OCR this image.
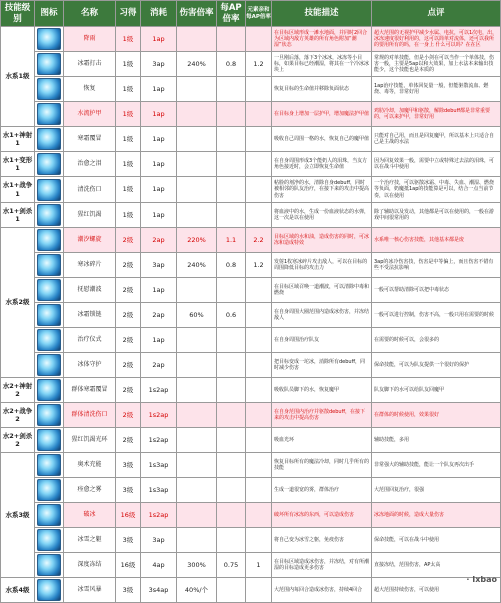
技能级别	图标	名称	习得	消耗	伤害倍率	每AP倍率	元素亲和每AP倍率	技能描述	点评
水系1级		降雨	1级	1ap				在目标区域形成一滩水地面，并同时2回合为区域内敌方英雄的所有角色附加“潮湿”状态	超大范围的无视护甲减少水属、电抗，可以1次电，出，冰冻速度很好利用的，这可以简单对流体，还可以我所的要用所有的吗，在一身上 什么可以吗？在在区

		冰霜打击	1级	3ap	240%	0.8	1.2	一旦刚后落，落下3个冰冰，冰冻等小目标，如果目标已经潮湿，将其在一个冷冰冰块上	常规的对单技能，但是小剑在可以当作一个单体技，伤害一般，主要是5ap以和大效果，加上水法本来输出技能少，这个技能也是本质的

		恢复	1级	1ap				恢复目标的生命值并移除负面状态	1ap治疗技能，单体回复量一般，但能驱散流血、燃烧、毒等，非常好用

		水流护甲	1级	1ap				在目标身上增加一层护甲，增加魔法护甲值	鸡肋冷却，加魔甲和驱散，解除debuff都是非常重要的，可以来护甲，非常好用
水1+神射1		寒霜覆冒	1级	1ap				吸收自己周围一格的水，恢复自己的魔甲值	只能对自己用，而且是回复魔甲，所以基本上只适合自己是主战的水法
水1+变形1		治愈之泪	1级	1ap				在自身周围形成3个能奶人的泪珠，当友方角色接近时，会立即恢复生命值	因为回复效果一般，需要中立或特殊过去法的泪珠，可以在战斗中使用
水1+战争1		清洗伤口	1级	1ap				帖脸的剂净的水，清除自身debuff，同时被相邻的队友治疗，在接下来的攻击中提高伤害	一个治疗技，可以驱散冰霜、中毒、失血、潮湿、燃烧等负面，奶魔抵1ap的技能算是可以，结合一点当前节奏，以在使用
水1+剑杀1		猩红饥渴	1级	1ap				将血液中的水，生成一份血液状态的水弹，这一次是以在使用	除了辅助以及发动，其他都是可以在使用的，一般在游戏中间很常用的
水系2级		潮汐螺旋	2级	2ap	220%	1.1	2.2	目标区域的水和油，造成伤害的同时，可冰冻和造成特效	水系唯一核心伤害技能，其他基本都是废

		寒冰碎片	2级	3ap	240%	0.8	1.2	发射1枚寒冰碎片攻击敌人，可以在目标的周围降低目标的攻击力	3ap的冰冷伤害技，伤害是中等偏上，而且伤害不错有些不受法抗影响

		抚慰潮波	2级	1ap				在目标区域召唤一道潮波，可以清除中毒和燃烧	一般可以帮助清除可以把中毒状态

		冰霜锁链	2级	2ap	60%	0.6		在自身周围大圈范围内造成冰伤害，并冻结敌人	一般可以进行控制，伤害不高，一般只用在需要的时候

		治疗仪式	2级	1ap				在自身周围治疗队友	在需要的时候可以，会很多的

		冰体守护	2级	2ap				把目标变成一坨冰，消除所有debuff，同时减少伤害	保命技能，可以为队友提供一个很好的保护
水2+神射2		群体寒霜覆冒	2级	1s2ap				吸收队员脚下的水，恢复魔甲	队友脚下的水可以给队友回魔甲
水2+战争2		群体清洗伤口	2级	1s2ap				在自身范围内治疗并驱散debuff，在接下来的攻击中提高伤害	在群体的时候使用，效果很好
水2+剑杀2		猩红饥渴光环	2级	1s2ap				吸血光环	辅助技能，多用
水系3级		奥术充能	3级	1s3ap				恢复目标所有的魔法冷却，同时几乎所有的技能	非常强大的辅助技能，能让一个队友再次出手

		痊愈之雾	3级	1s3ap				生成一道很宽的雾，群体治疗	大范围回复治疗，很强

		破冰	16级	1s2ap				破坏所有冰冻的东西，可以造成伤害	冰冻地面的时候，造成大量伤害

		冰雪之躯	3级	3ap				将自己变为冰雪之躯，免疫伤害	保命技能，可以在战斗中使用

		深度冻结	16级	4ap	300%	0.75	1	在目标区域造成冰伤害，并冻结，对有所潮湿的目标造成更多伤害	直接冻结，范围伤害，AP太高
水系4级		冰雪风暴	3级	3s4ap	40%/个			大范围内每回合造成冰伤害，持续4回合	超大范围持续伤害，可以使用
· Ixbao
